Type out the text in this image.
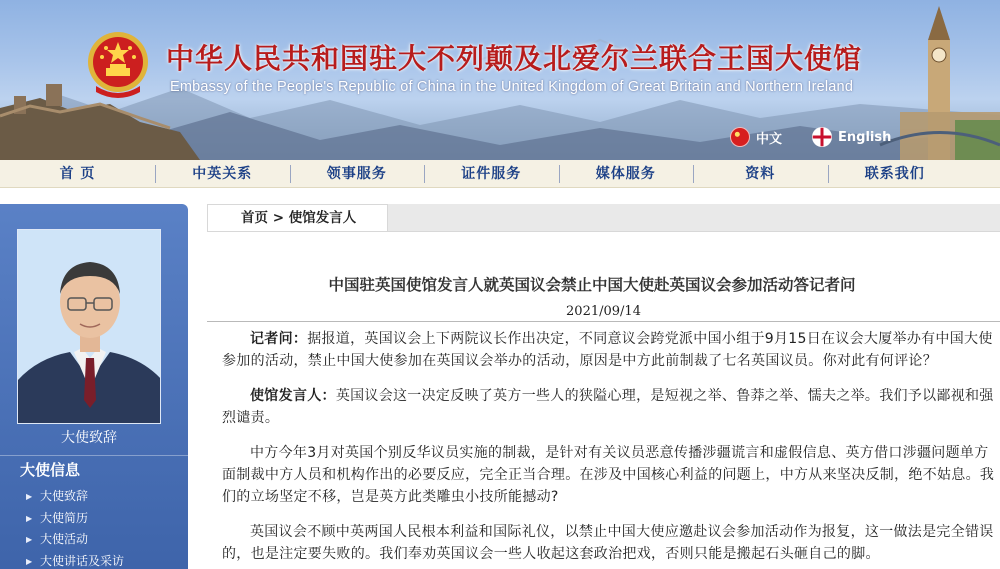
中华人民共和国驻大不列颠及北爱尔兰联合王国大使馆
Embassy of the People's Republic of China in the United Kingdom of Great Britain and Northern Ireland
中文	English
首 页	中英关系	领事服务	证件服务	媒体服务	资料	联系我们
大使致辞
大使信息
▶ 大使致辞
▶ 大使简历
▶ 大使活动
▶ 大使讲话及采访
首页 > 使馆发言人
中国驻英国使馆发言人就英国议会禁止中国大使赴英国议会参加活动答记者问
2021/09/14

记者问：据报道，英国议会上下两院议长作出决定，不同意议会跨党派中国小组于9月15日在议会大厦举办有中国大使参加的活动，禁止中国大使参加在英国议会举办的活动，原因是中方此前制裁了七名英国议员。你对此有何评论？

使馆发言人：英国议会这一决定反映了英方一些人的狭隘心理，是短视之举、鲁莽之举、懦夫之举。我们予以鄙视和强烈谴责。

中方今年3月对英国个别反华议员实施的制裁，是针对有关议员恶意传播涉疆谎言和虚假信息、英方借口涉疆问题单方面制裁中方人员和机构作出的必要反应，完全正当合理。在涉及中国核心利益的问题上，中方从来坚决反制，绝不姑息。我们的立场坚定不移，岂是英方此类雕虫小技所能撼动?

英国议会不顾中英两国人民根本利益和国际礼仪，以禁止中国大使应邀赴议会参加活动作为报复，这一做法是完全错误的，也是注定要失败的。我们奉劝英国议会一些人收起这套政治把戏，否则只能是搬起石头砸自己的脚。
